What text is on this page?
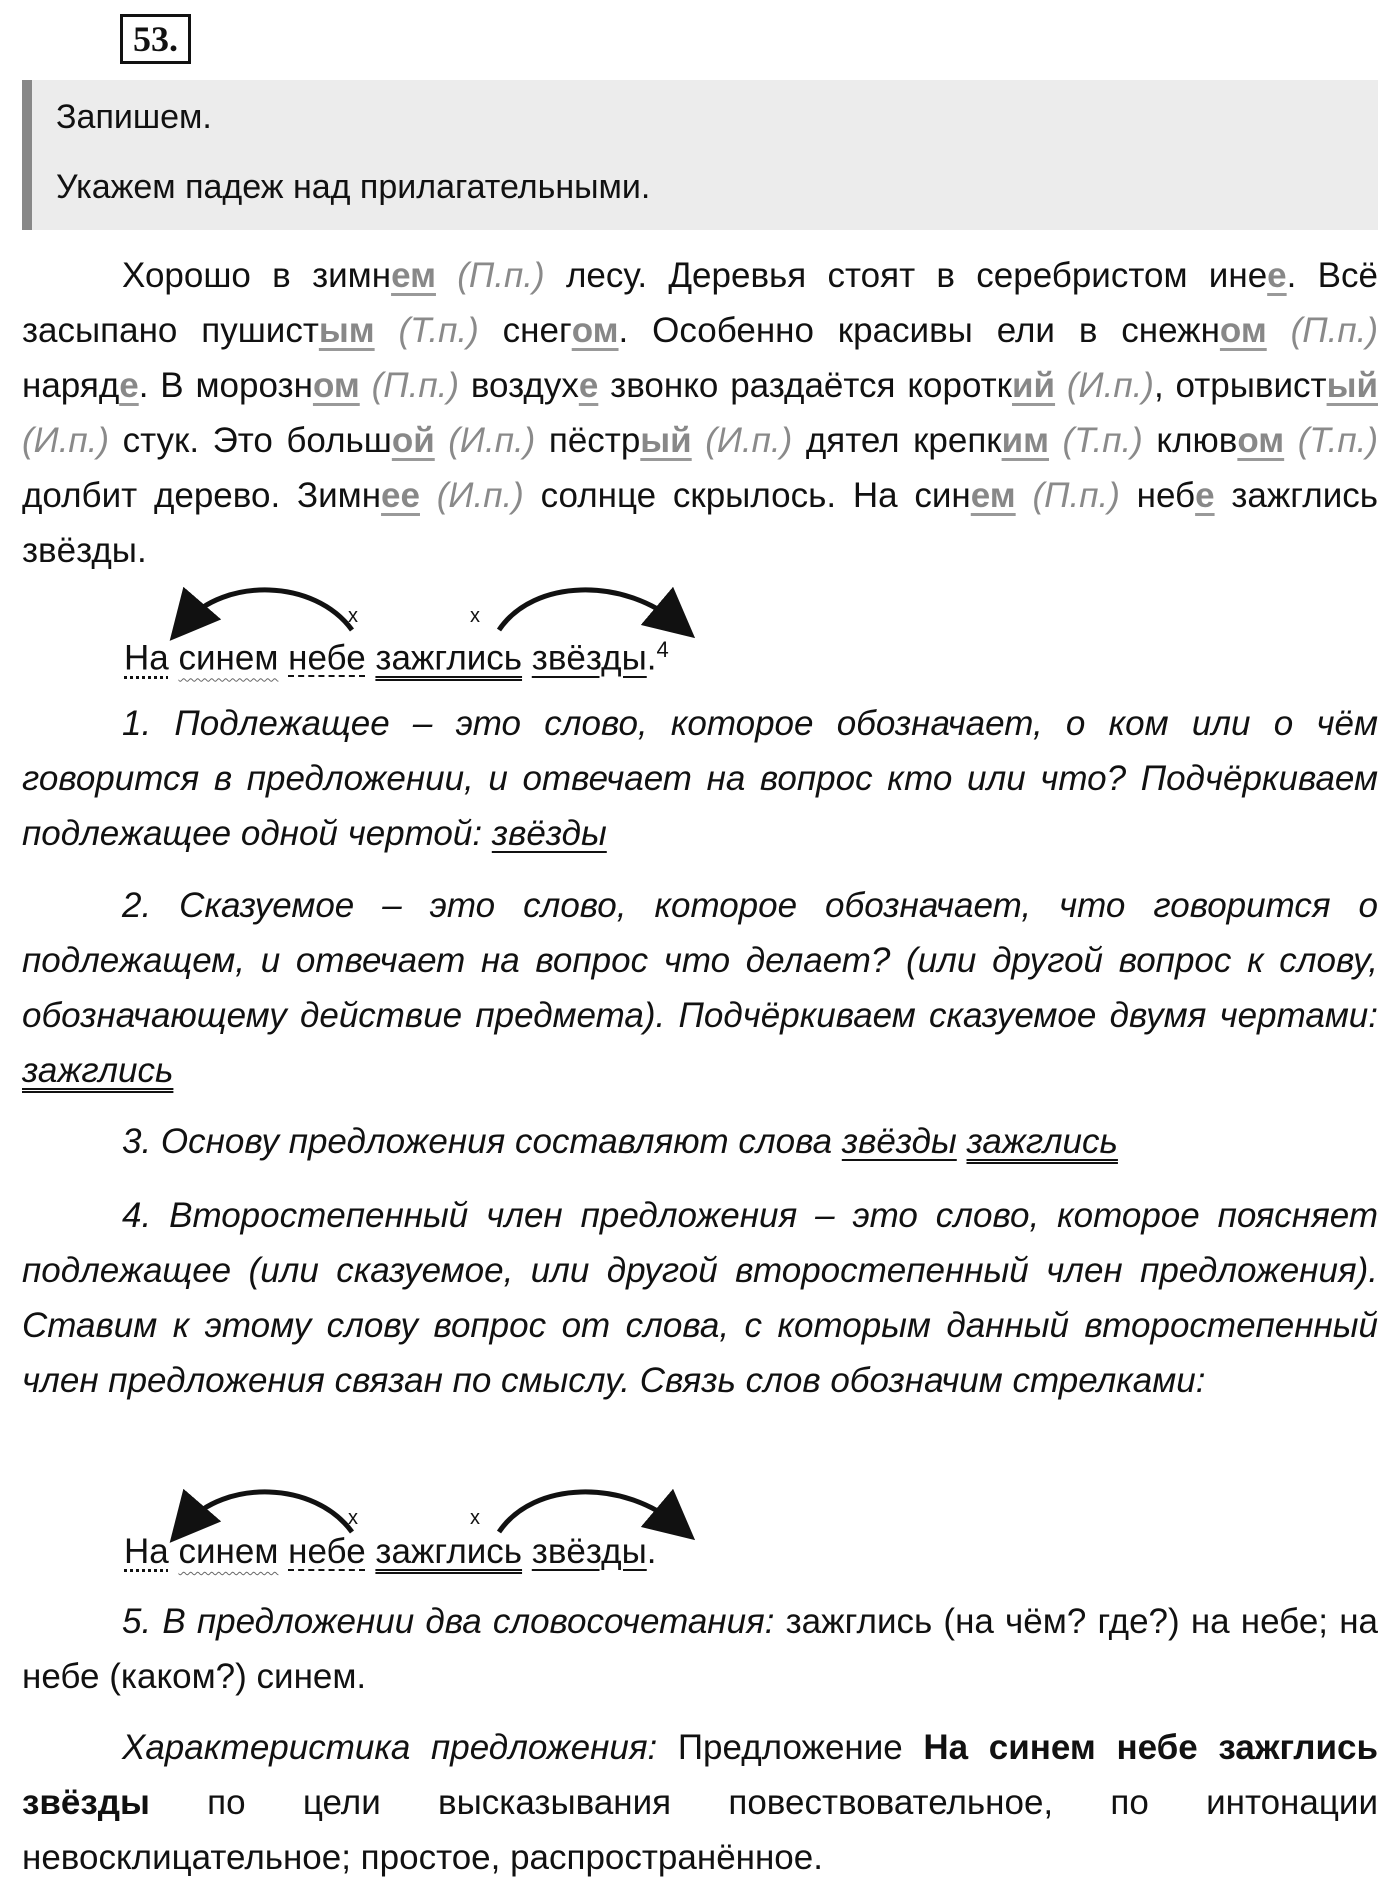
53.
Запишем.
Укажем падеж над прилагательными.

Хорошо в зимнем (П.п.) лесу. Деревья стоят в серебристом инее. Всё засыпано пушистым (Т.п.) снегом. Особенно красивы ели в снежном (П.п.) наряде. В морозном (П.п.) воздухе звонко раздаётся короткий (И.п.), отрывистый (И.п.) стук. Это большой (И.п.) пёстрый (И.п.) дятел крепким (Т.п.) клювом (Т.п.) долбит дерево. Зимнее (И.п.) солнце скрылось. На синем (П.п.) небе зажглись звёзды.

х	х
На синем небе зажглись звёзды.$^4$

1. Подлежащее – это слово, которое обозначает, о ком или о чём говорится в предложении, и отвечает на вопрос кто или что? Подчёркиваем подлежащее одной чертой: звёзды

2. Сказуемое – это слово, которое обозначает, что говорится о подлежащем, и отвечает на вопрос что делает? (или другой вопрос к слову, обозначающему действие предмета). Подчёркиваем сказуемое двумя чертами: зажглись

3. Основу предложения составляют слова звёзды зажглись

4. Второстепенный член предложения – это слово, которое поясняет подлежащее (или сказуемое, или другой второстепенный член предложения). Ставим к этому слову вопрос от слова, с которым данный второстепенный член предложения связан по смыслу. Связь слов обозначим стрелками:

х	х
На синем небе зажглись звёзды.

5. В предложении два словосочетания: зажглись (на чём? где?) на небе; на небе (каком?) синем.

Характеристика предложения: Предложение На синем небе зажглись звёзды по цели высказывания повествовательное, по интонации невосклицательное; простое, распространённое.
